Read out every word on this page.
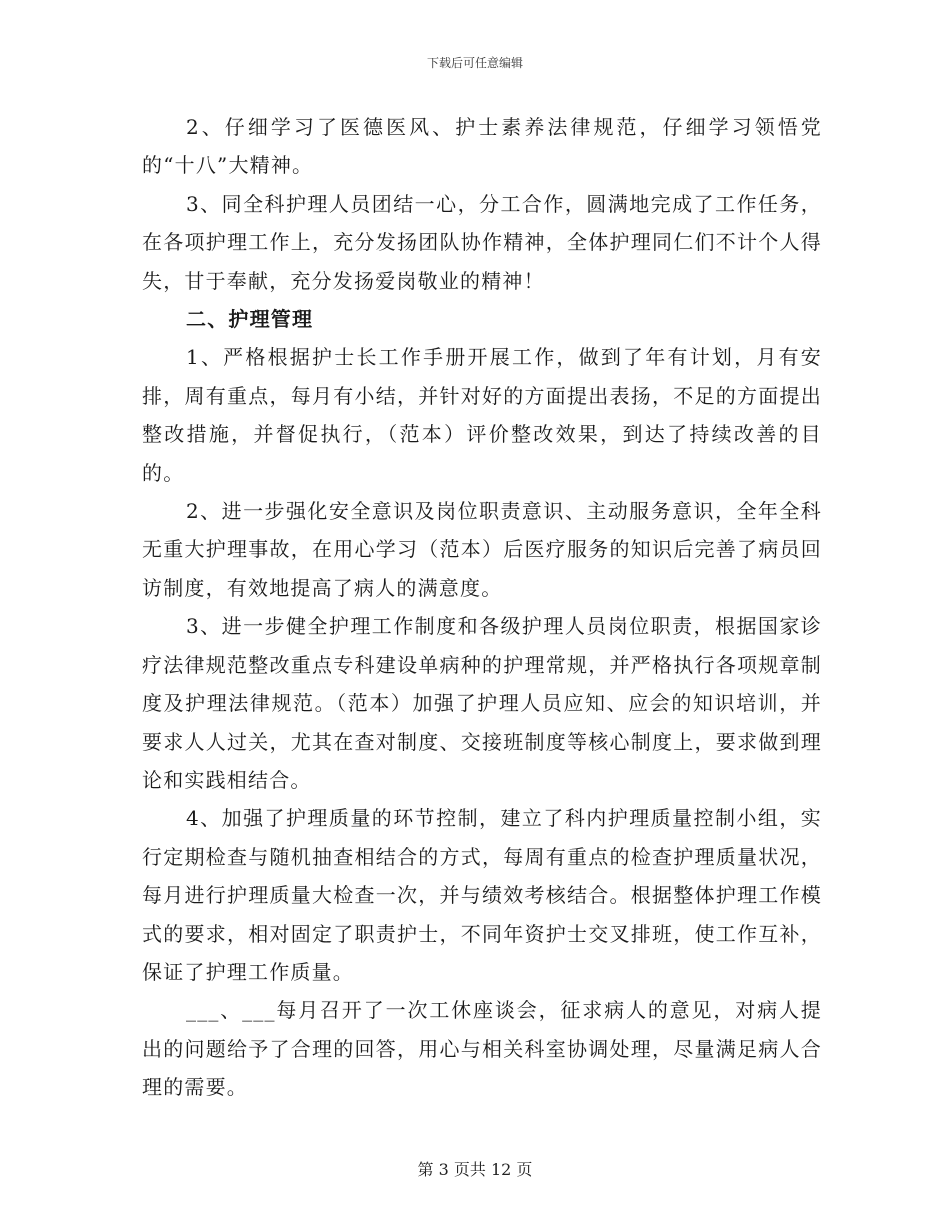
下载后可任意编辑

2、仔细学习了医德医风、护士素养法律规范，仔细学习领悟党的“十八”大精神。

3、同全科护理人员团结一心，分工合作，圆满地完成了工作任务，在各项护理工作上，充分发扬团队协作精神，全体护理同仁们不计个人得失，甘于奉献，充分发扬爱岗敬业的精神！

二、护理管理

1、严格根据护士长工作手册开展工作，做到了年有计划，月有安排，周有重点，每月有小结，并针对好的方面提出表扬，不足的方面提出整改措施，并督促执行，（范本）评价整改效果，到达了持续改善的目的。

2、进一步强化安全意识及岗位职责意识、主动服务意识，全年全科无重大护理事故，在用心学习（范本）后医疗服务的知识后完善了病员回访制度，有效地提高了病人的满意度。

3、进一步健全护理工作制度和各级护理人员岗位职责，根据国家诊疗法律规范整改重点专科建设单病种的护理常规，并严格执行各项规章制度及护理法律规范。（范本）加强了护理人员应知、应会的知识培训，并要求人人过关，尤其在查对制度、交接班制度等核心制度上，要求做到理论和实践相结合。

4、加强了护理质量的环节控制，建立了科内护理质量控制小组，实行定期检查与随机抽查相结合的方式，每周有重点的检查护理质量状况，每月进行护理质量大检查一次，并与绩效考核结合。根据整体护理工作模式的要求，相对固定了职责护士，不同年资护士交叉排班，使工作互补，保证了护理工作质量。

___、___每月召开了一次工休座谈会，征求病人的意见，对病人提出的问题给予了合理的回答，用心与相关科室协调处理，尽量满足病人合理的需要。

第 3 页共 12 页
